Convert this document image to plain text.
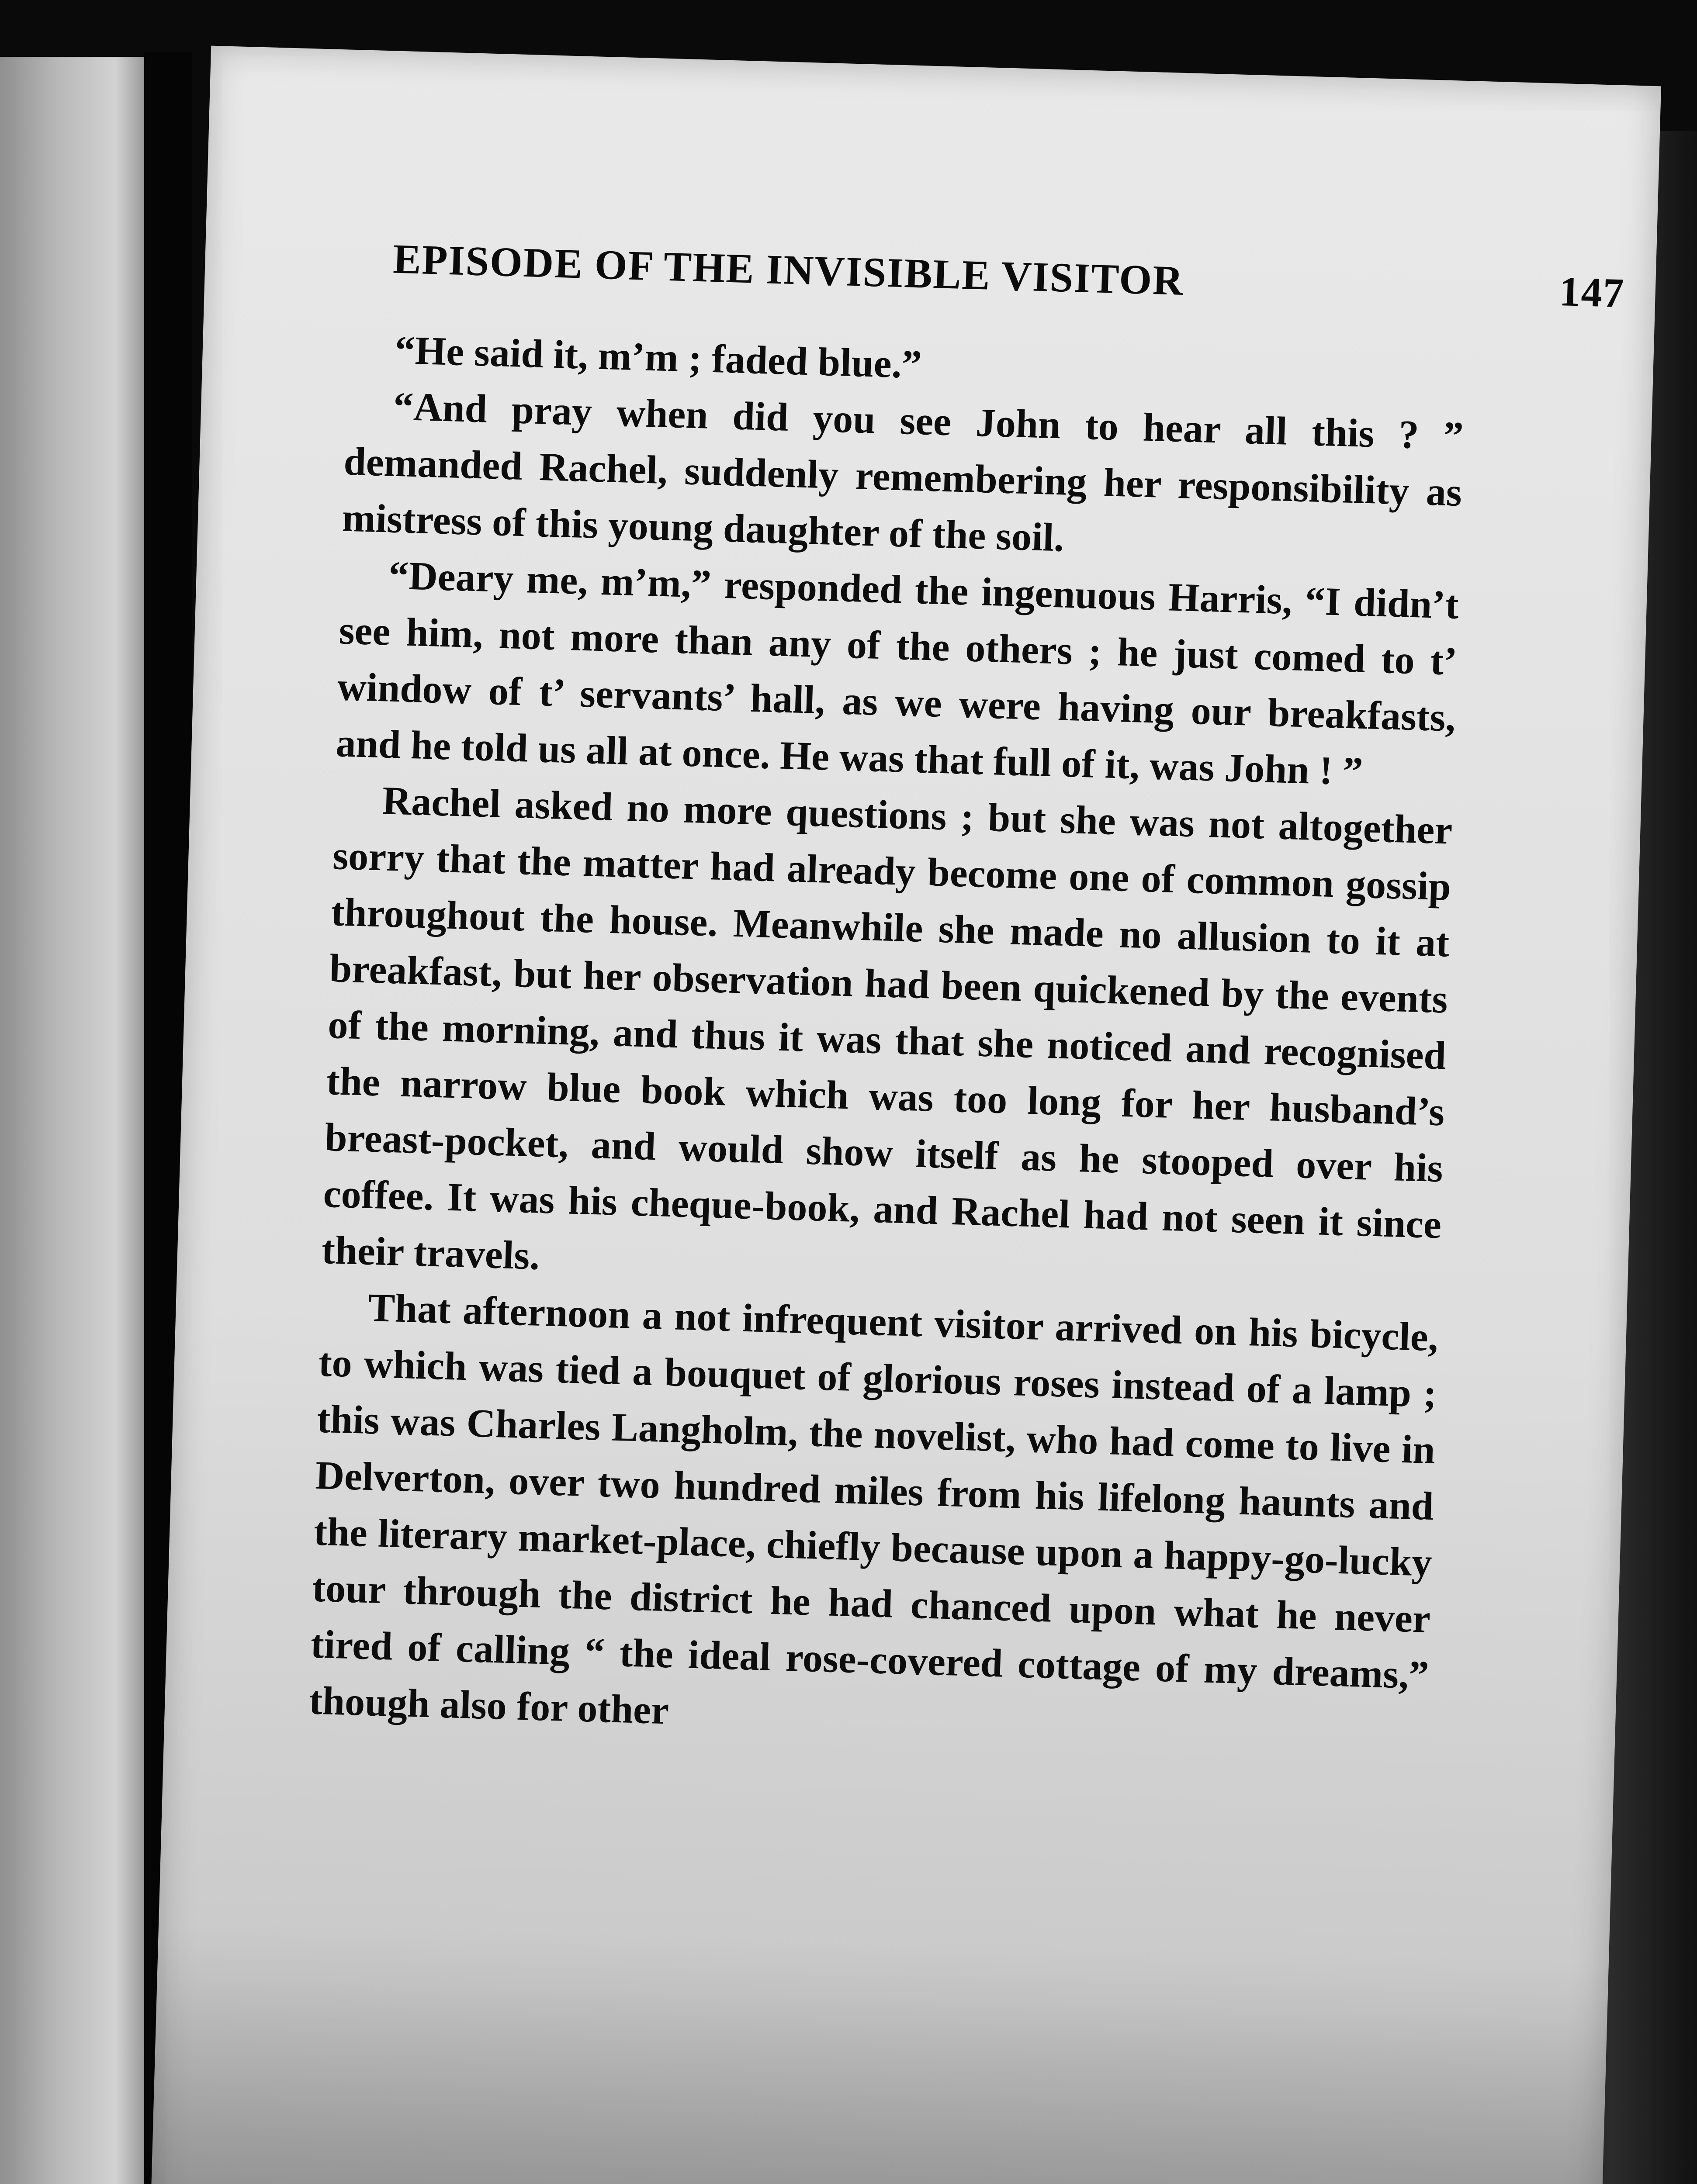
EPISODE OF THE INVISIBLE VISITOR	147

“He said it, m’m ; faded blue.”

“And pray when did you see John to hear all this ? ” demanded Rachel, suddenly remembering her responsibility as mistress of this young daughter of the soil.

“Deary me, m’m,” responded the ingenuous Harris, “I didn’t see him, not more than any of the others ; he just comed to t’ window of t’ servants’ hall, as we were having our breakfasts, and he told us all at once. He was that full of it, was John ! ”

Rachel asked no more questions ; but she was not altogether sorry that the matter had already become one of common gossip throughout the house. Meanwhile she made no allusion to it at breakfast, but her observation had been quickened by the events of the morning, and thus it was that she noticed and recognised the narrow blue book which was too long for her husband’s breast-pocket, and would show itself as he stooped over his coffee. It was his cheque-book, and Rachel had not seen it since their travels.

That afternoon a not infrequent visitor arrived on his bicycle, to which was tied a bouquet of glorious roses instead of a lamp ; this was Charles Langholm, the novelist, who had come to live in Delverton, over two hundred miles from his lifelong haunts and the literary market-place, chiefly because upon a happy-go-lucky tour through the district he had chanced upon what he never tired of calling “ the ideal rose-covered cottage of my dreams,” though also for other
